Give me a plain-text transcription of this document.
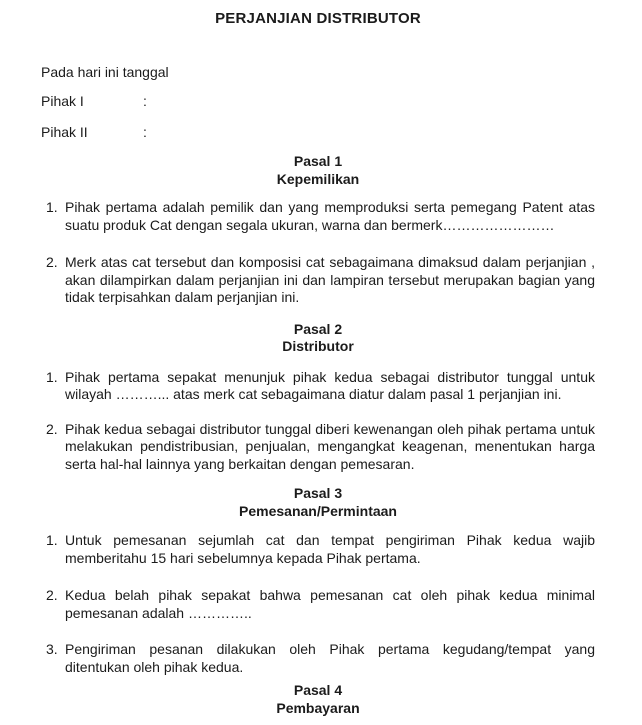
PERJANJIAN DISTRIBUTOR

Pada hari ini tanggal

Pihak I	:

Pihak II	:

Pasal 1
Kepemilikan
1. Pihak pertama adalah pemilik dan yang memproduksi serta pemegang Patent atas suatu produk Cat dengan segala ukuran, warna dan bermerk……………………
2. Merk atas cat tersebut dan komposisi cat sebagaimana dimaksud dalam perjanjian , akan dilampirkan dalam perjanjian ini dan lampiran tersebut merupakan bagian yang tidak terpisahkan dalam perjanjian ini.
Pasal 2
Distributor
1. Pihak pertama sepakat menunjuk pihak kedua sebagai distributor tunggal untuk wilayah ………... atas merk cat sebagaimana diatur dalam pasal 1 perjanjian ini.
2. Pihak kedua sebagai distributor tunggal diberi kewenangan oleh pihak pertama untuk melakukan pendistribusian, penjualan, mengangkat keagenan, menentukan harga serta hal-hal lainnya yang berkaitan dengan pemesaran.
Pasal 3
Pemesanan/Permintaan
1. Untuk pemesanan sejumlah cat dan tempat pengiriman Pihak kedua wajib memberitahu 15 hari sebelumnya kepada Pihak pertama.
2. Kedua belah pihak sepakat bahwa pemesanan cat oleh pihak kedua minimal pemesanan adalah …………..
3. Pengiriman pesanan dilakukan oleh Pihak pertama kegudang/tempat yang ditentukan oleh pihak kedua.
Pasal 4
Pembayaran
